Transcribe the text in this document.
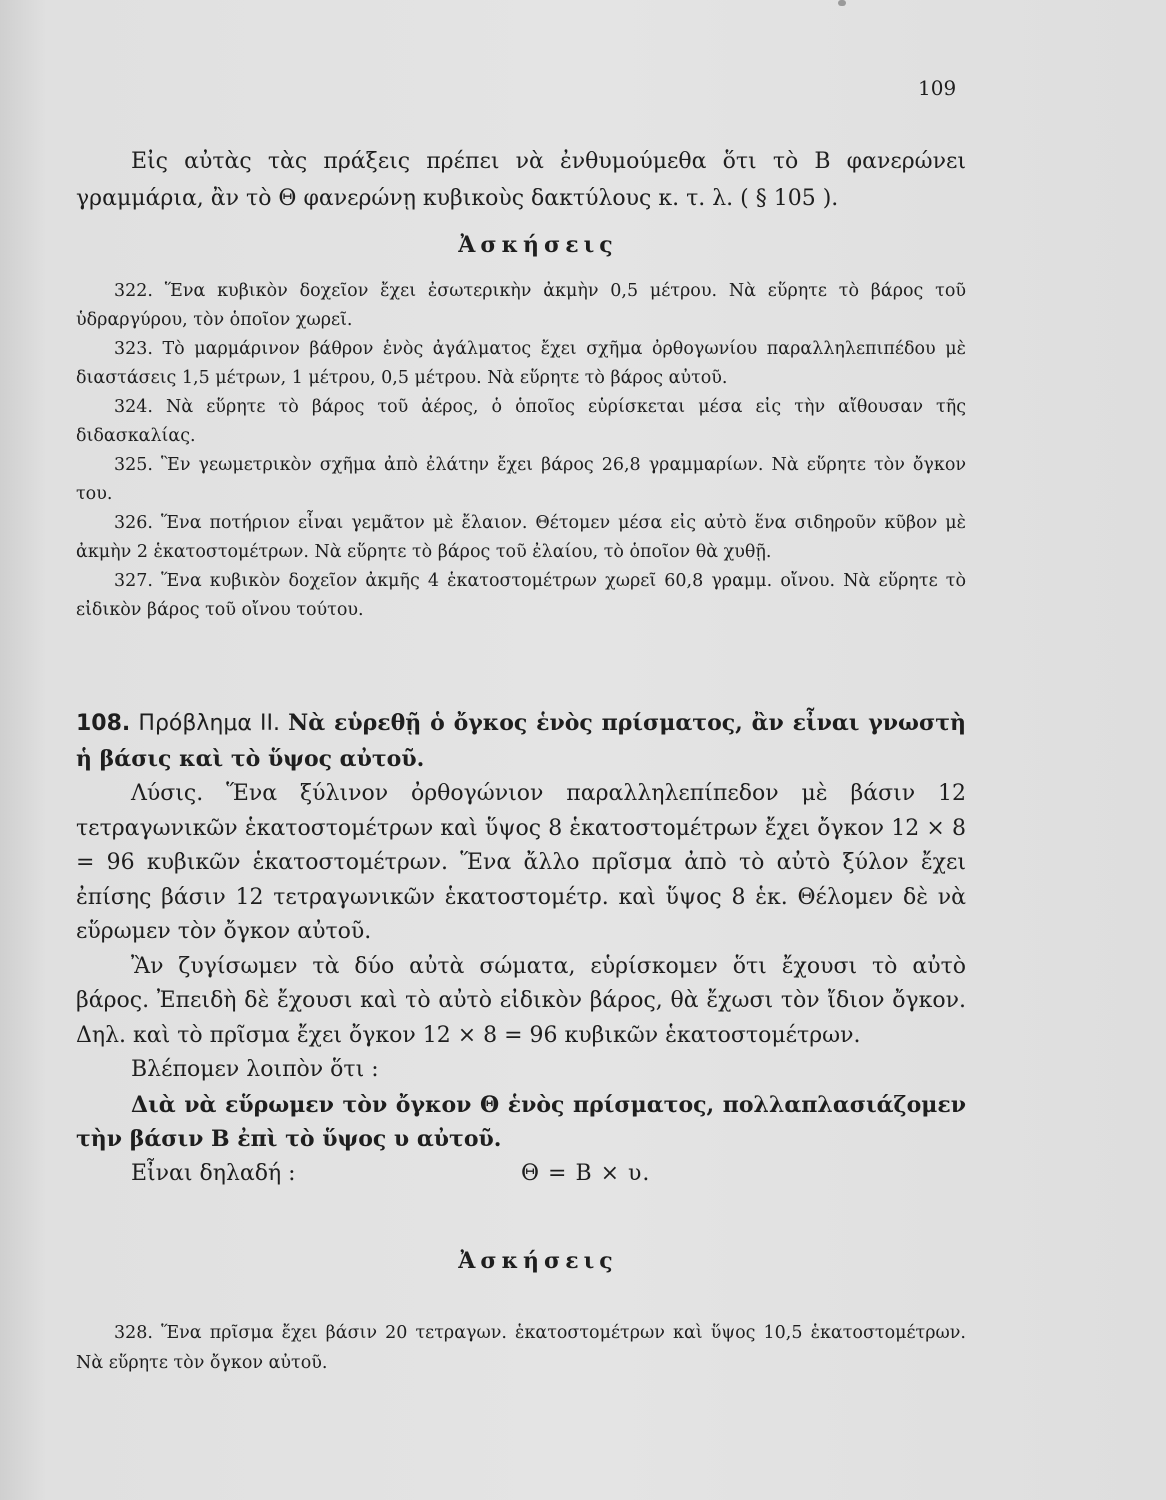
109

Εἰς αὐτὰς τὰς πράξεις πρέπει νὰ ἐνθυμούμεθα ὅτι τὸ Β φανερώνει γραμμάρια, ἂν τὸ Θ φανερώνῃ κυβικοὺς δακτύλους κ. τ. λ. ( § 105 ).

Ἀσκήσεις

322. Ἕνα κυβικὸν δοχεῖον ἔχει ἐσωτερικὴν ἀκμὴν 0,5 μέτρου. Νὰ εὕρητε τὸ βάρος τοῦ ὑδραργύρου, τὸν ὁποῖον χωρεῖ.

323. Τὸ μαρμάρινον βάθρον ἑνὸς ἀγάλματος ἔχει σχῆμα ὀρθογωνίου παραλληλεπιπέδου μὲ διαστάσεις 1,5 μέτρων, 1 μέτρου, 0,5 μέτρου. Νὰ εὕρητε τὸ βάρος αὐτοῦ.

324. Νὰ εὕρητε τὸ βάρος τοῦ ἀέρος, ὁ ὁποῖος εὑρίσκεται μέσα εἰς τὴν αἴθουσαν τῆς διδασκαλίας.

325. Ἓν γεωμετρικὸν σχῆμα ἀπὸ ἐλάτην ἔχει βάρος 26,8 γραμμαρίων. Νὰ εὕρητε τὸν ὄγκον του.

326. Ἕνα ποτήριον εἶναι γεμᾶτον μὲ ἔλαιον. Θέτομεν μέσα εἰς αὐτὸ ἕνα σιδηροῦν κῦβον μὲ ἀκμὴν 2 ἑκατοστομέτρων. Νὰ εὕρητε τὸ βάρος τοῦ ἐλαίου, τὸ ὁποῖον θὰ χυθῇ.

327. Ἕνα κυβικὸν δοχεῖον ἀκμῆς 4 ἑκατοστομέτρων χωρεῖ 60,8 γραμμ. οἴνου. Νὰ εὕρητε τὸ εἰδικὸν βάρος τοῦ οἴνου τούτου.

108. Πρόβλημα ΙΙ. Νὰ εὑρεθῇ ὁ ὄγκος ἑνὸς πρίσματος, ἂν εἶναι γνωστὴ ἡ βάσις καὶ τὸ ὕψος αὐτοῦ.

Λύσις. Ἕνα ξύλινον ὀρθογώνιον παραλληλεπίπεδον μὲ βάσιν 12 τετραγωνικῶν ἑκατοστομέτρων καὶ ὕψος 8 ἑκατοστομέτρων ἔχει ὄγκον 12 × 8 = 96 κυβικῶν ἑκατοστομέτρων. Ἕνα ἄλλο πρῖσμα ἀπὸ τὸ αὐτὸ ξύλον ἔχει ἐπίσης βάσιν 12 τετραγωνικῶν ἑκατοστομέτρ. καὶ ὕψος 8 ἑκ. Θέλομεν δὲ νὰ εὕρωμεν τὸν ὄγκον αὐτοῦ.

Ἂν ζυγίσωμεν τὰ δύο αὐτὰ σώματα, εὑρίσκομεν ὅτι ἔχουσι τὸ αὐτὸ βάρος. Ἐπειδὴ δὲ ἔχουσι καὶ τὸ αὐτὸ εἰδικὸν βάρος, θὰ ἔχωσι τὸν ἴδιον ὄγκον. Δηλ. καὶ τὸ πρῖσμα ἔχει ὄγκον 12 × 8 = 96 κυβικῶν ἑκατοστομέτρων.

Βλέπομεν λοιπὸν ὅτι :

Διὰ νὰ εὕρωμεν τὸν ὄγκον Θ ἑνὸς πρίσματος, πολλαπλασιάζομεν τὴν βάσιν Β ἐπὶ τὸ ὕψος υ αὐτοῦ.

Εἶναι δηλαδή :	Θ = Β × υ.
Ἀσκήσεις

328. Ἕνα πρῖσμα ἔχει βάσιν 20 τετραγων. ἑκατοστομέτρων καὶ ὕψος 10,5 ἑκατοστομέτρων. Νὰ εὕρητε τὸν ὄγκον αὐτοῦ.
